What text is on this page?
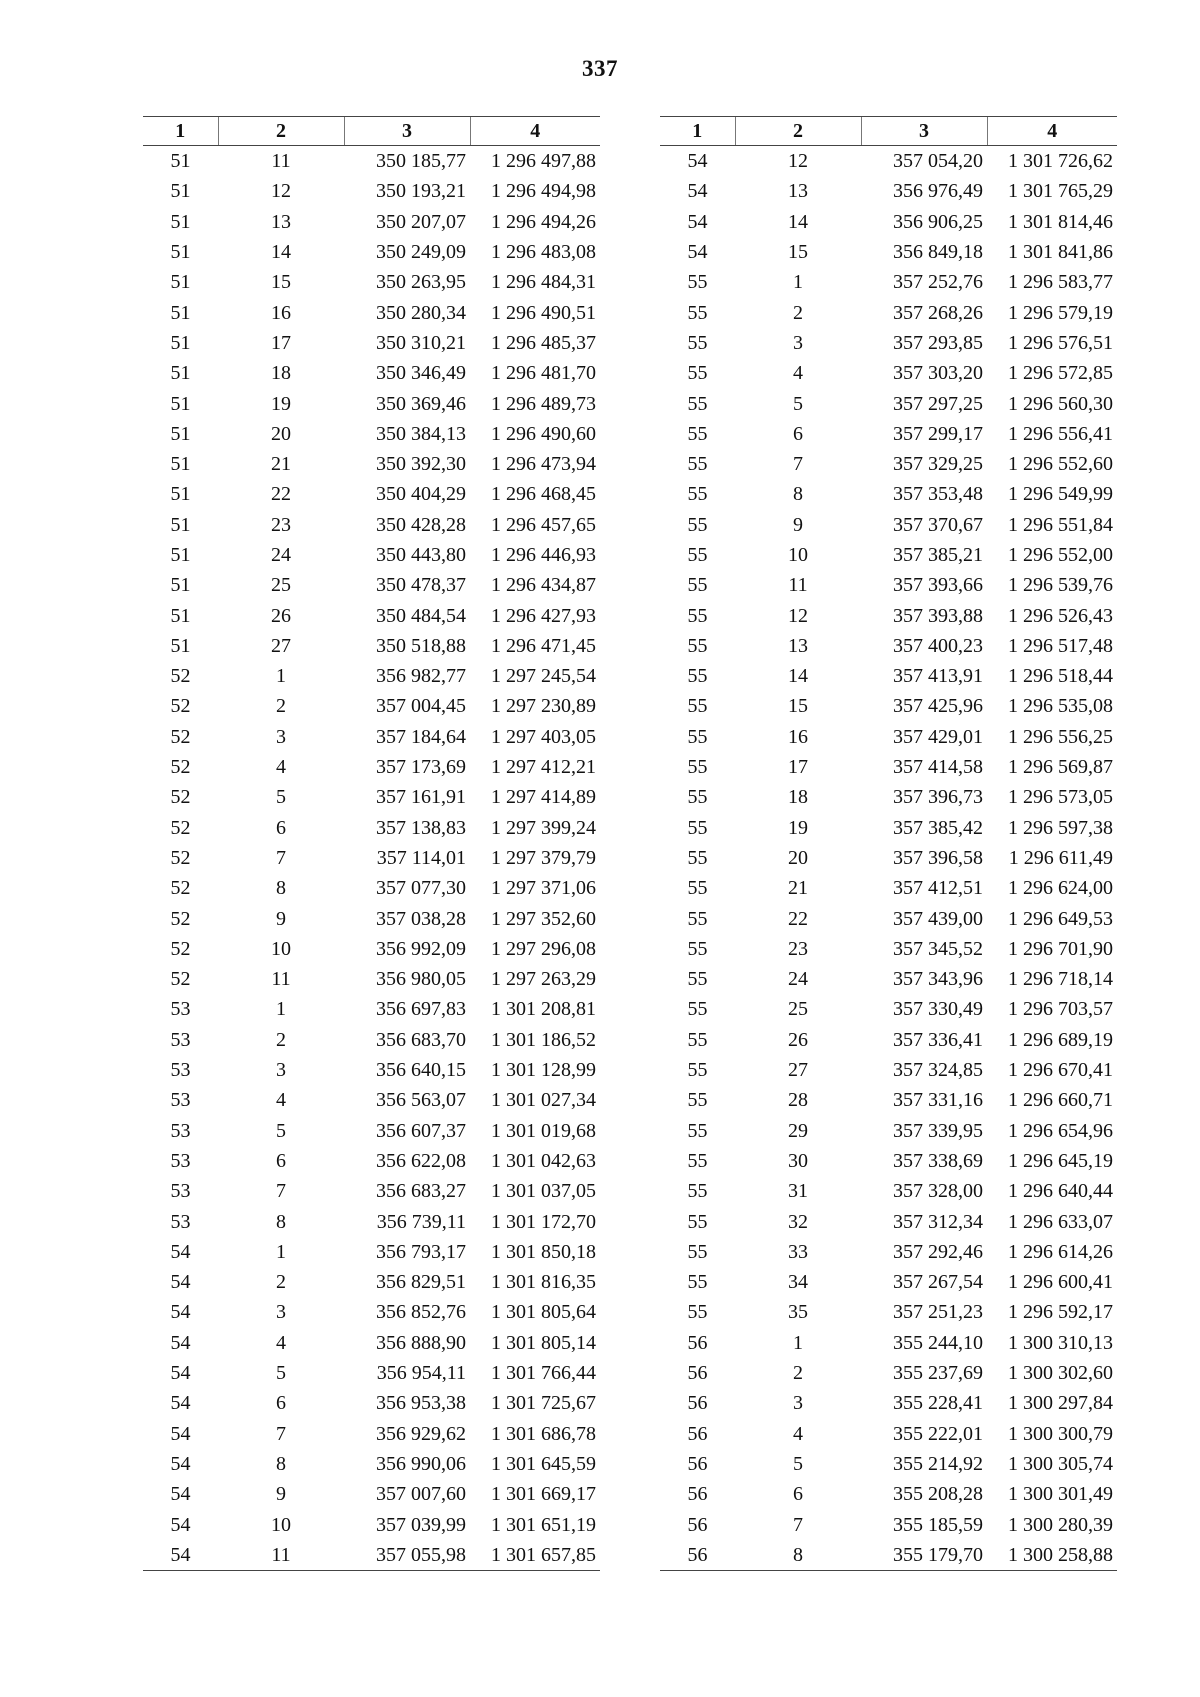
337
1	2	3	4
51	11	350 185,77	1 296 497,88
51	12	350 193,21	1 296 494,98
51	13	350 207,07	1 296 494,26
51	14	350 249,09	1 296 483,08
51	15	350 263,95	1 296 484,31
51	16	350 280,34	1 296 490,51
51	17	350 310,21	1 296 485,37
51	18	350 346,49	1 296 481,70
51	19	350 369,46	1 296 489,73
51	20	350 384,13	1 296 490,60
51	21	350 392,30	1 296 473,94
51	22	350 404,29	1 296 468,45
51	23	350 428,28	1 296 457,65
51	24	350 443,80	1 296 446,93
51	25	350 478,37	1 296 434,87
51	26	350 484,54	1 296 427,93
51	27	350 518,88	1 296 471,45
52	1	356 982,77	1 297 245,54
52	2	357 004,45	1 297 230,89
52	3	357 184,64	1 297 403,05
52	4	357 173,69	1 297 412,21
52	5	357 161,91	1 297 414,89
52	6	357 138,83	1 297 399,24
52	7	357 114,01	1 297 379,79
52	8	357 077,30	1 297 371,06
52	9	357 038,28	1 297 352,60
52	10	356 992,09	1 297 296,08
52	11	356 980,05	1 297 263,29
53	1	356 697,83	1 301 208,81
53	2	356 683,70	1 301 186,52
53	3	356 640,15	1 301 128,99
53	4	356 563,07	1 301 027,34
53	5	356 607,37	1 301 019,68
53	6	356 622,08	1 301 042,63
53	7	356 683,27	1 301 037,05
53	8	356 739,11	1 301 172,70
54	1	356 793,17	1 301 850,18
54	2	356 829,51	1 301 816,35
54	3	356 852,76	1 301 805,64
54	4	356 888,90	1 301 805,14
54	5	356 954,11	1 301 766,44
54	6	356 953,38	1 301 725,67
54	7	356 929,62	1 301 686,78
54	8	356 990,06	1 301 645,59
54	9	357 007,60	1 301 669,17
54	10	357 039,99	1 301 651,19
54	11	357 055,98	1 301 657,85
1	2	3	4
54	12	357 054,20	1 301 726,62
54	13	356 976,49	1 301 765,29
54	14	356 906,25	1 301 814,46
54	15	356 849,18	1 301 841,86
55	1	357 252,76	1 296 583,77
55	2	357 268,26	1 296 579,19
55	3	357 293,85	1 296 576,51
55	4	357 303,20	1 296 572,85
55	5	357 297,25	1 296 560,30
55	6	357 299,17	1 296 556,41
55	7	357 329,25	1 296 552,60
55	8	357 353,48	1 296 549,99
55	9	357 370,67	1 296 551,84
55	10	357 385,21	1 296 552,00
55	11	357 393,66	1 296 539,76
55	12	357 393,88	1 296 526,43
55	13	357 400,23	1 296 517,48
55	14	357 413,91	1 296 518,44
55	15	357 425,96	1 296 535,08
55	16	357 429,01	1 296 556,25
55	17	357 414,58	1 296 569,87
55	18	357 396,73	1 296 573,05
55	19	357 385,42	1 296 597,38
55	20	357 396,58	1 296 611,49
55	21	357 412,51	1 296 624,00
55	22	357 439,00	1 296 649,53
55	23	357 345,52	1 296 701,90
55	24	357 343,96	1 296 718,14
55	25	357 330,49	1 296 703,57
55	26	357 336,41	1 296 689,19
55	27	357 324,85	1 296 670,41
55	28	357 331,16	1 296 660,71
55	29	357 339,95	1 296 654,96
55	30	357 338,69	1 296 645,19
55	31	357 328,00	1 296 640,44
55	32	357 312,34	1 296 633,07
55	33	357 292,46	1 296 614,26
55	34	357 267,54	1 296 600,41
55	35	357 251,23	1 296 592,17
56	1	355 244,10	1 300 310,13
56	2	355 237,69	1 300 302,60
56	3	355 228,41	1 300 297,84
56	4	355 222,01	1 300 300,79
56	5	355 214,92	1 300 305,74
56	6	355 208,28	1 300 301,49
56	7	355 185,59	1 300 280,39
56	8	355 179,70	1 300 258,88
